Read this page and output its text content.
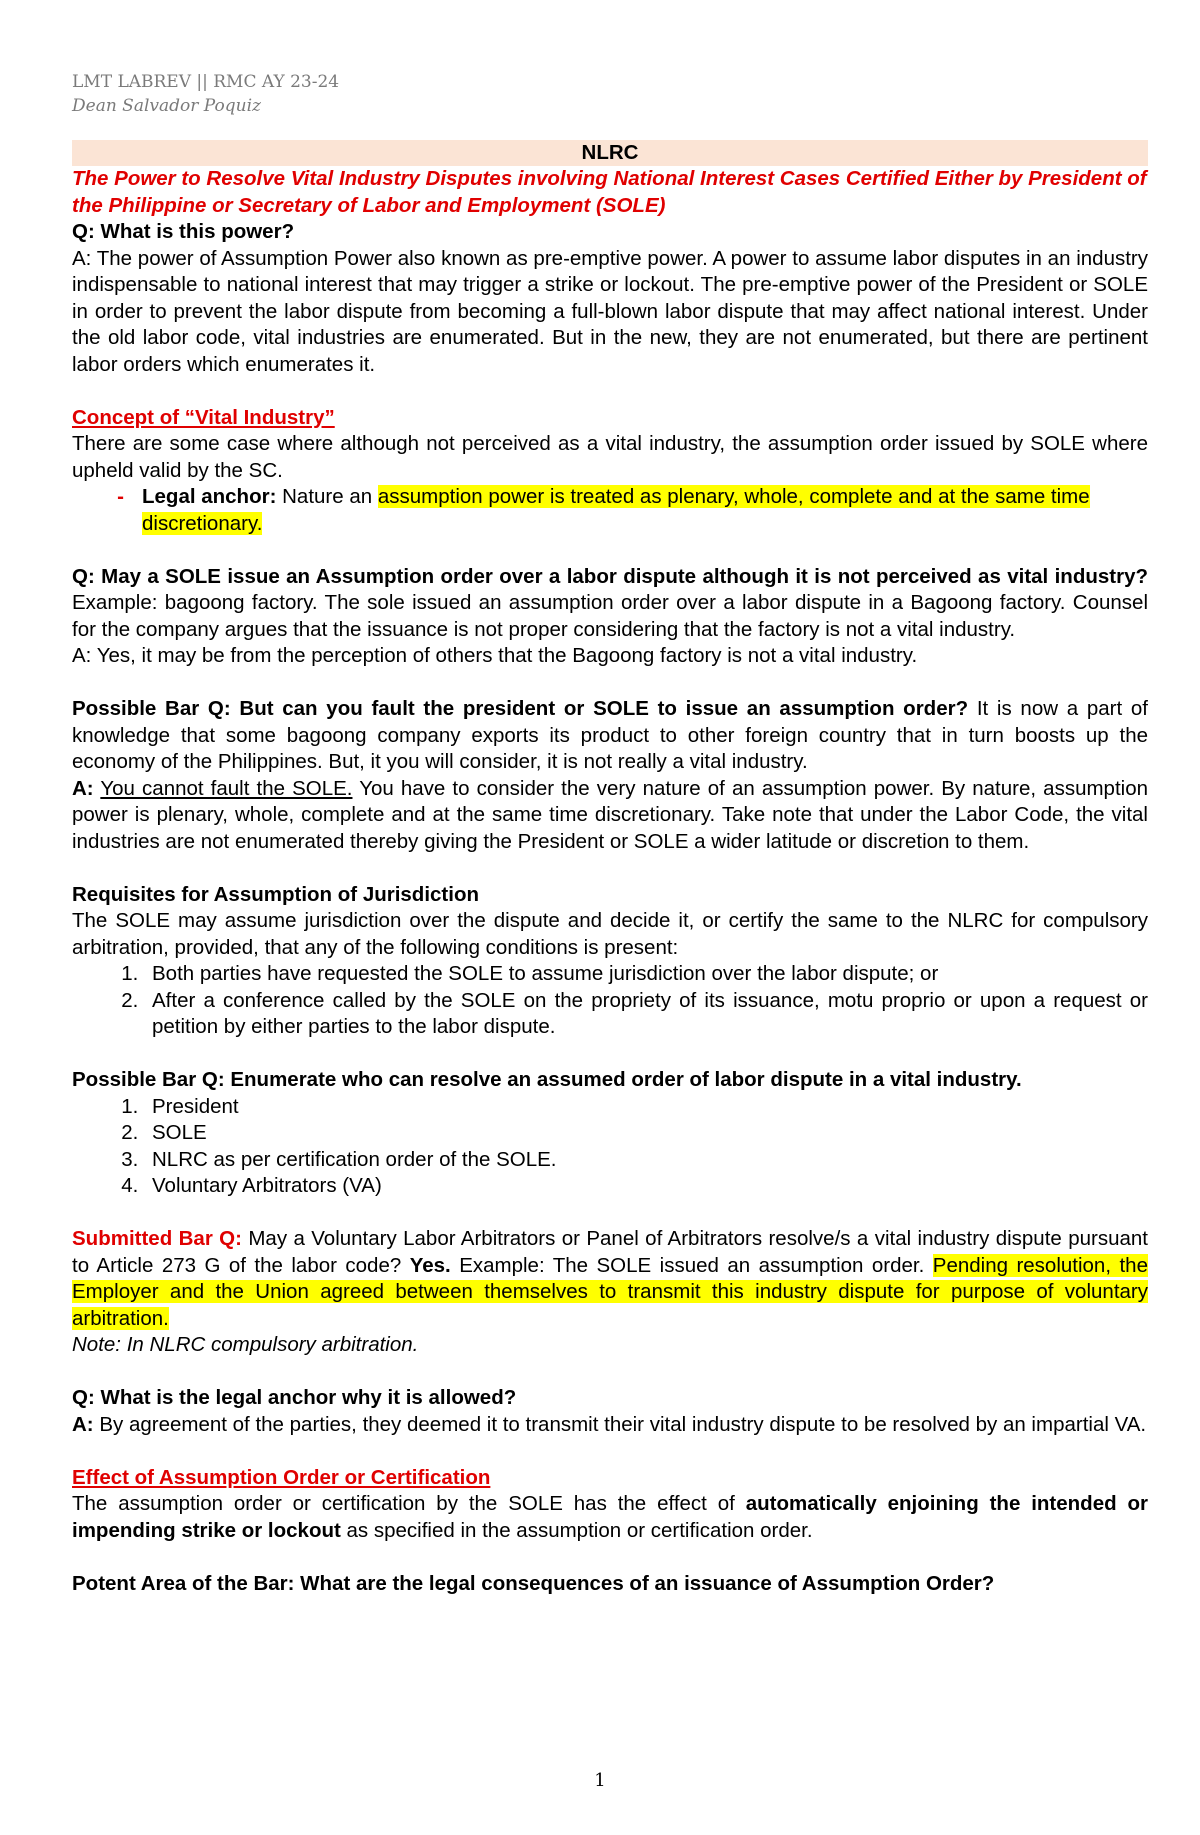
LMT LABREV || RMC AY 23-24
Dean Salvador Poquiz
NLRC

The Power to Resolve Vital Industry Disputes involving National Interest Cases Certified Either by President of the Philippine or Secretary of Labor and Employment (SOLE)

Q: What is this power?

A: The power of Assumption Power also known as pre-emptive power. A power to assume labor disputes in an industry indispensable to national interest that may trigger a strike or lockout. The pre-emptive power of the President or SOLE in order to prevent the labor dispute from becoming a full-blown labor dispute that may affect national interest. Under the old labor code, vital industries are enumerated. But in the new, they are not enumerated, but there are pertinent labor orders which enumerates it.

Concept of “Vital Industry”

There are some case where although not perceived as a vital industry, the assumption order issued by SOLE where upheld valid by the SC.

- Legal anchor: Nature an assumption power is treated as plenary, whole, complete and at the same time discretionary.

Q: May a SOLE issue an Assumption order over a labor dispute although it is not perceived as vital industry? Example: bagoong factory. The sole issued an assumption order over a labor dispute in a Bagoong factory. Counsel for the company argues that the issuance is not proper considering that the factory is not a vital industry.

A: Yes, it may be from the perception of others that the Bagoong factory is not a vital industry.

Possible Bar Q: But can you fault the president or SOLE to issue an assumption order? It is now a part of knowledge that some bagoong company exports its product to other foreign country that in turn boosts up the economy of the Philippines. But, it you will consider, it is not really a vital industry.

A: You cannot fault the SOLE. You have to consider the very nature of an assumption power. By nature, assumption power is plenary, whole, complete and at the same time discretionary. Take note that under the Labor Code, the vital industries are not enumerated thereby giving the President or SOLE a wider latitude or discretion to them.

Requisites for Assumption of Jurisdiction

The SOLE may assume jurisdiction over the dispute and decide it, or certify the same to the NLRC for compulsory arbitration, provided, that any of the following conditions is present:

1. Both parties have requested the SOLE to assume jurisdiction over the labor dispute; or
2. After a conference called by the SOLE on the propriety of its issuance, motu proprio or upon a request or petition by either parties to the labor dispute.

Possible Bar Q: Enumerate who can resolve an assumed order of labor dispute in a vital industry.

1. President
2. SOLE
3. NLRC as per certification order of the SOLE.
4. Voluntary Arbitrators (VA)

Submitted Bar Q: May a Voluntary Labor Arbitrators or Panel of Arbitrators resolve/s a vital industry dispute pursuant to Article 273 G of the labor code? Yes. Example: The SOLE issued an assumption order. Pending resolution, the Employer and the Union agreed between themselves to transmit this industry dispute for purpose of voluntary arbitration.

Note: In NLRC compulsory arbitration.

Q: What is the legal anchor why it is allowed?

A: By agreement of the parties, they deemed it to transmit their vital industry dispute to be resolved by an impartial VA.

Effect of Assumption Order or Certification

The assumption order or certification by the SOLE has the effect of automatically enjoining the intended or impending strike or lockout as specified in the assumption or certification order.

Potent Area of the Bar: What are the legal consequences of an issuance of Assumption Order?

1
